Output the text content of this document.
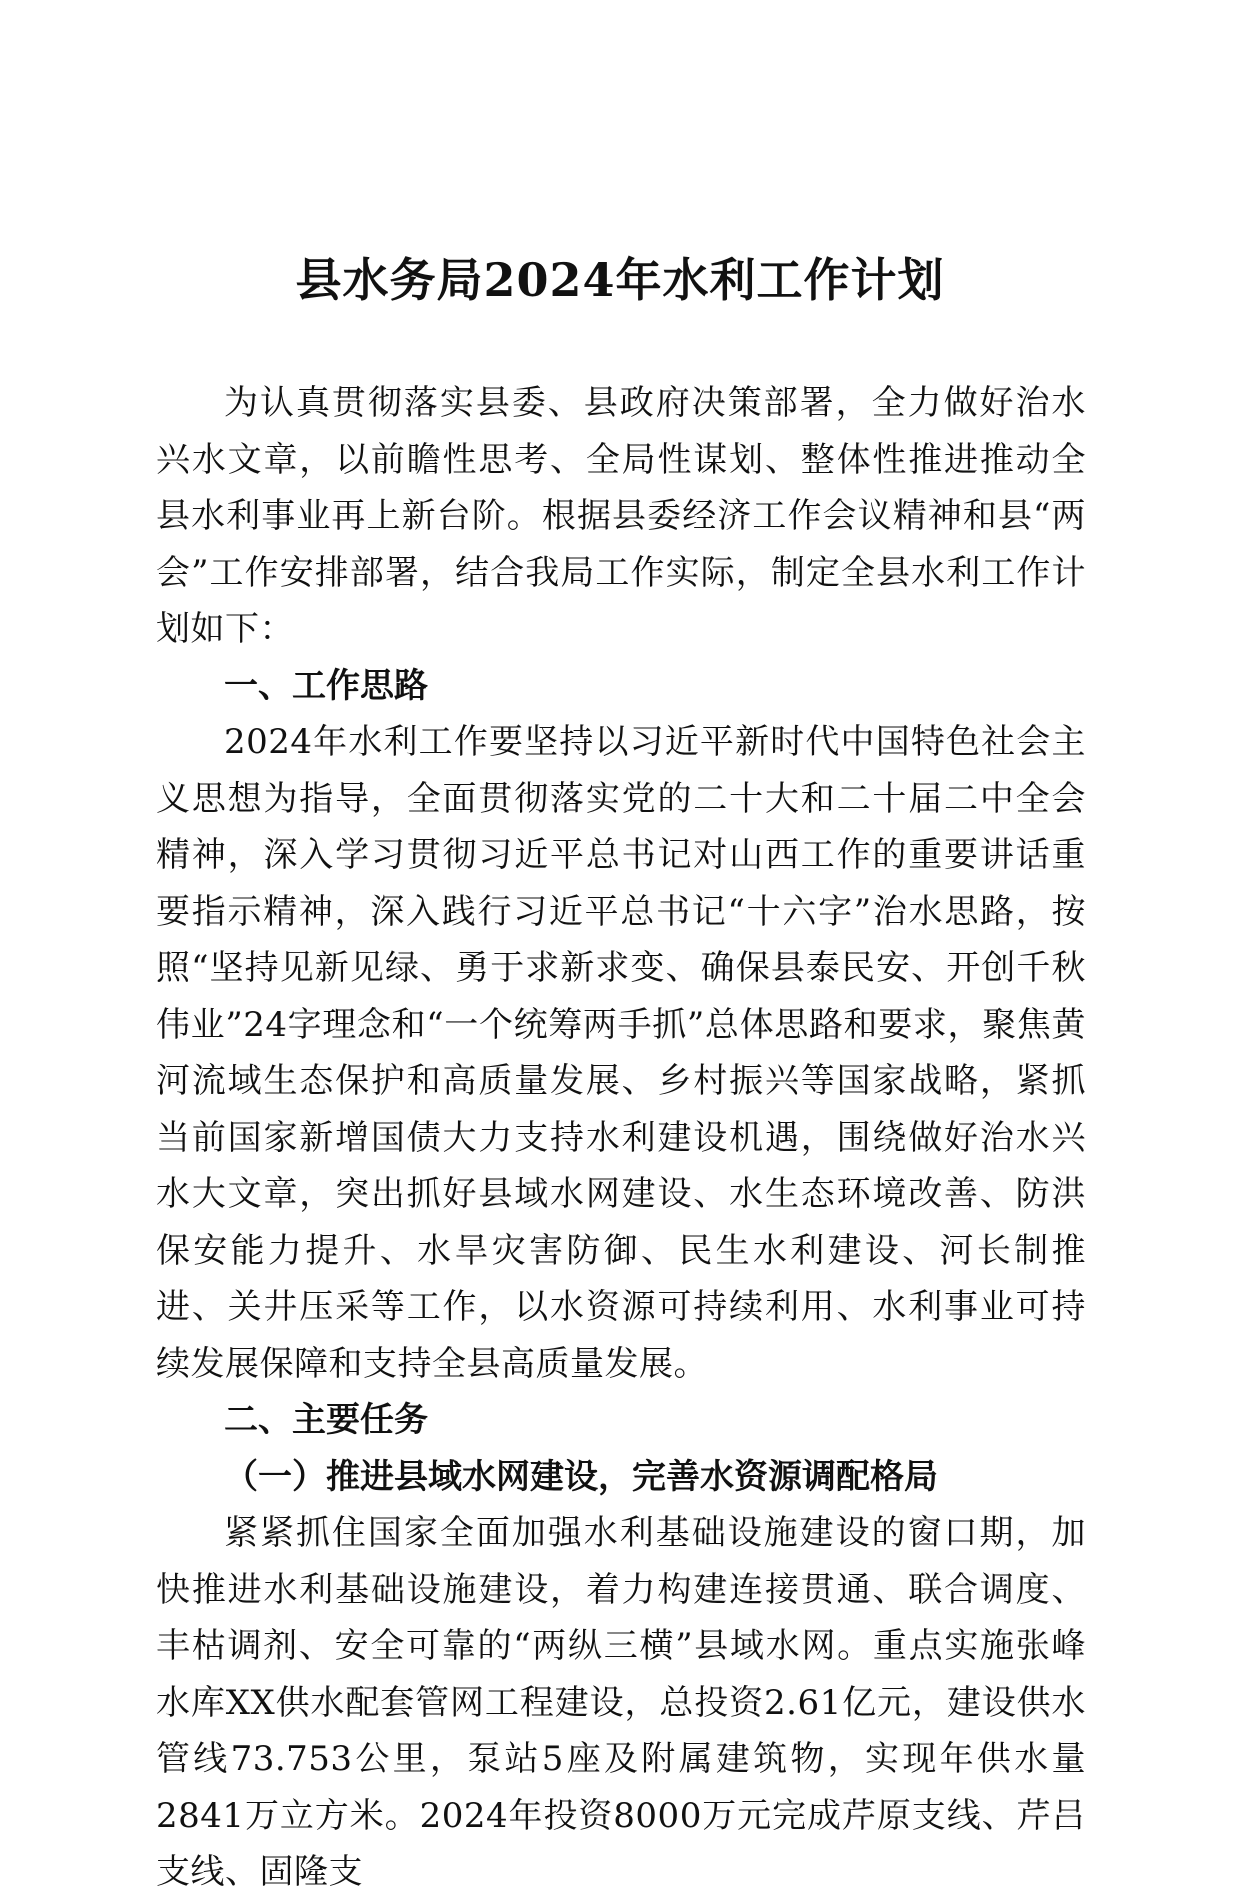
县水务局2024年水利工作计划

为认真贯彻落实县委、县政府决策部署，全力做好治水兴水文章，以前瞻性思考、全局性谋划、整体性推进推动全县水利事业再上新台阶。根据县委经济工作会议精神和县“两会”工作安排部署，结合我局工作实际，制定全县水利工作计划如下：

一、工作思路

2024年水利工作要坚持以习近平新时代中国特色社会主义思想为指导，全面贯彻落实党的二十大和二十届二中全会精神，深入学习贯彻习近平总书记对山西工作的重要讲话重要指示精神，深入践行习近平总书记“十六字”治水思路，按照“坚持见新见绿、勇于求新求变、确保县泰民安、开创千秋伟业”24字理念和“一个统筹两手抓”总体思路和要求，聚焦黄河流域生态保护和高质量发展、乡村振兴等国家战略，紧抓当前国家新增国债大力支持水利建设机遇，围绕做好治水兴水大文章，突出抓好县域水网建设、水生态环境改善、防洪保安能力提升、水旱灾害防御、民生水利建设、河长制推进、关井压采等工作，以水资源可持续利用、水利事业可持续发展保障和支持全县高质量发展。

二、主要任务

（一）推进县域水网建设，完善水资源调配格局

紧紧抓住国家全面加强水利基础设施建设的窗口期，加快推进水利基础设施建设，着力构建连接贯通、联合调度、丰枯调剂、安全可靠的“两纵三横”县域水网。重点实施张峰水库XX供水配套管网工程建设，总投资2.61亿元，建设供水管线73.753公里，泵站5座及附属建筑物，实现年供水量2841万立方米。2024年投资8000万元完成芹原支线、芹吕支线、固隆支
